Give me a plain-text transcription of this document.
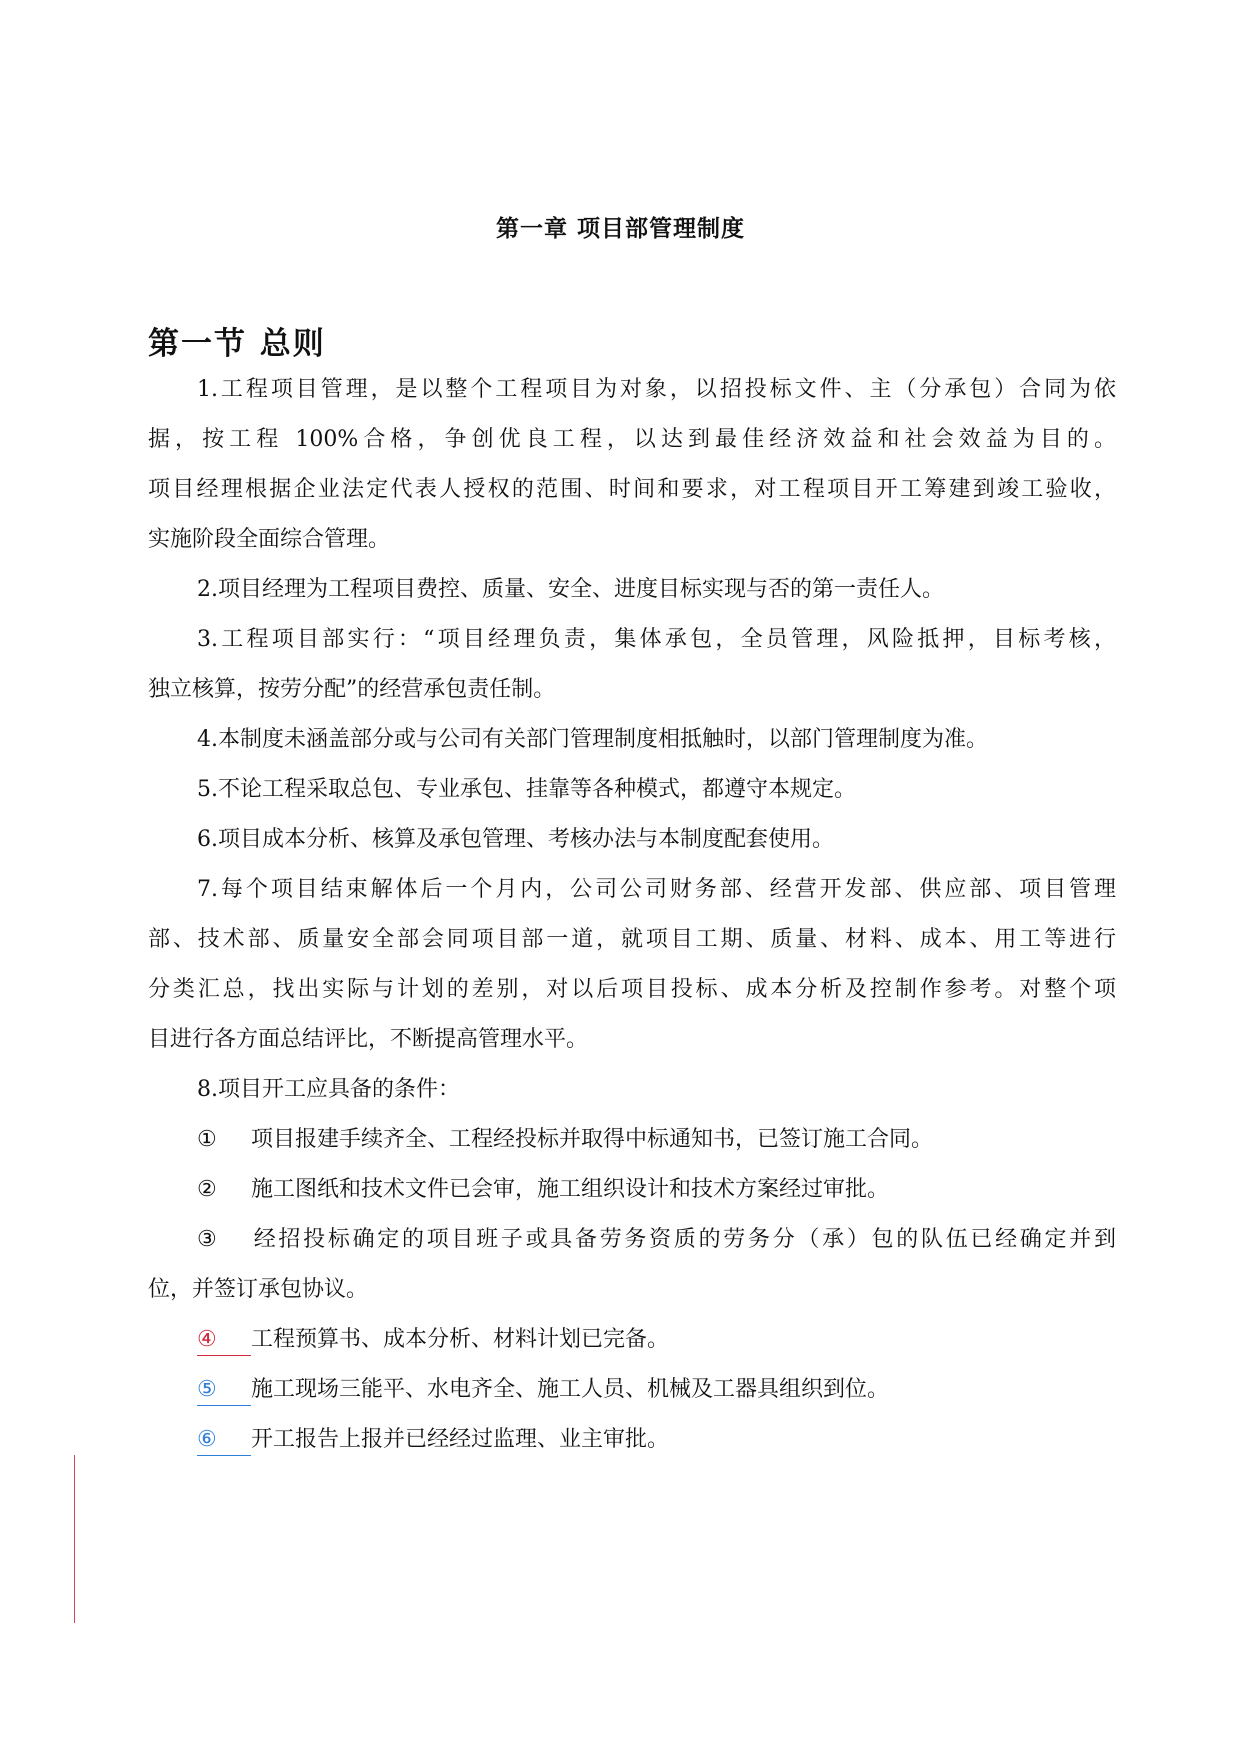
第一章 项目部管理制度
第一节 总则
1.工程项目管理，是以整个工程项目为对象，以招投标文件、主（分承包）合同为依
据，按工程 100%合格，争创优良工程，以达到最佳经济效益和社会效益为目的。
项目经理根据企业法定代表人授权的范围、时间和要求，对工程项目开工筹建到竣工验收，
实施阶段全面综合管理。
2.项目经理为工程项目费控、质量、安全、进度目标实现与否的第一责任人。
3.工程项目部实行：“项目经理负责，集体承包，全员管理，风险抵押，目标考核，
独立核算，按劳分配”的经营承包责任制。
4.本制度未涵盖部分或与公司有关部门管理制度相抵触时，以部门管理制度为准。
5.不论工程采取总包、专业承包、挂靠等各种模式，都遵守本规定。
6.项目成本分析、核算及承包管理、考核办法与本制度配套使用。
7.每个项目结束解体后一个月内，公司公司财务部、经营开发部、供应部、项目管理
部、技术部、质量安全部会同项目部一道，就项目工期、质量、材料、成本、用工等进行
分类汇总，找出实际与计划的差别，对以后项目投标、成本分析及控制作参考。对整个项
目进行各方面总结评比，不断提高管理水平。
8.项目开工应具备的条件：
① 项目报建手续齐全、工程经投标并取得中标通知书，已签订施工合同。
② 施工图纸和技术文件已会审，施工组织设计和技术方案经过审批。
③ 经招投标确定的项目班子或具备劳务资质的劳务分（承）包的队伍已经确定并到
位，并签订承包协议。
④ 工程预算书、成本分析、材料计划已完备。
⑤ 施工现场三能平、水电齐全、施工人员、机械及工器具组织到位。
⑥ 开工报告上报并已经经过监理、业主审批。
